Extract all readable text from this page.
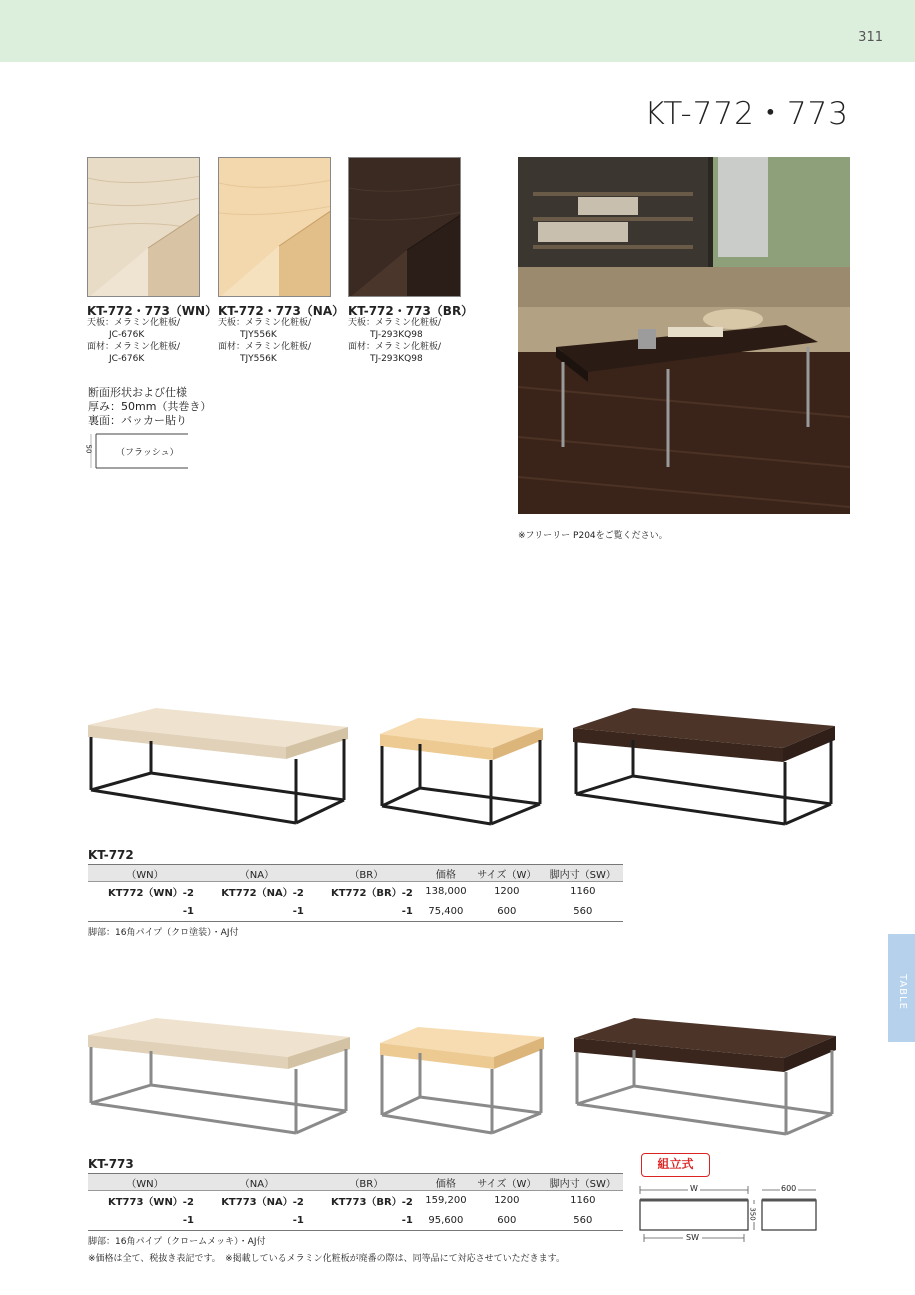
311
KT-772・773
KT-772・773（WN）
天板：メラミン化粧板/
JC-676K
面材：メラミン化粧板/
JC-676K
KT-772・773（NA）
天板：メラミン化粧板/
TJY556K
面材：メラミン化粧板/
TJY556K
KT-772・773（BR）
天板：メラミン化粧板/
TJ-293KQ98
面材：メラミン化粧板/
TJ-293KQ98
断面形状および仕様
厚み：50mm（共巻き）
裏面：バッカー貼り
50	（フラッシュ）
※フリーリー P204をご覧ください。
KT-772
（WN）	（NA）	（BR）	価格	サイズ（W）	脚内寸（SW）
KT772（WN）-2	KT772（NA）-2	KT772（BR）-2	138,000	1200	1160
-1	-1	-1	75,400	600	560
脚部：16角パイプ（クロ塗装）・AJ付
TABLE
KT-773
（WN）	（NA）	（BR）	価格	サイズ（W）	脚内寸（SW）
KT773（WN）-2	KT773（NA）-2	KT773（BR）-2	159,200	1200	1160
-1	-1	-1	95,600	600	560
脚部：16角パイプ（クロームメッキ）・AJ付
※価格は全て、税抜き表記です。　※掲載しているメラミン化粧板が廃番の際は、同等品にて対応させていただきます。
組立式
W
SW
350
600
